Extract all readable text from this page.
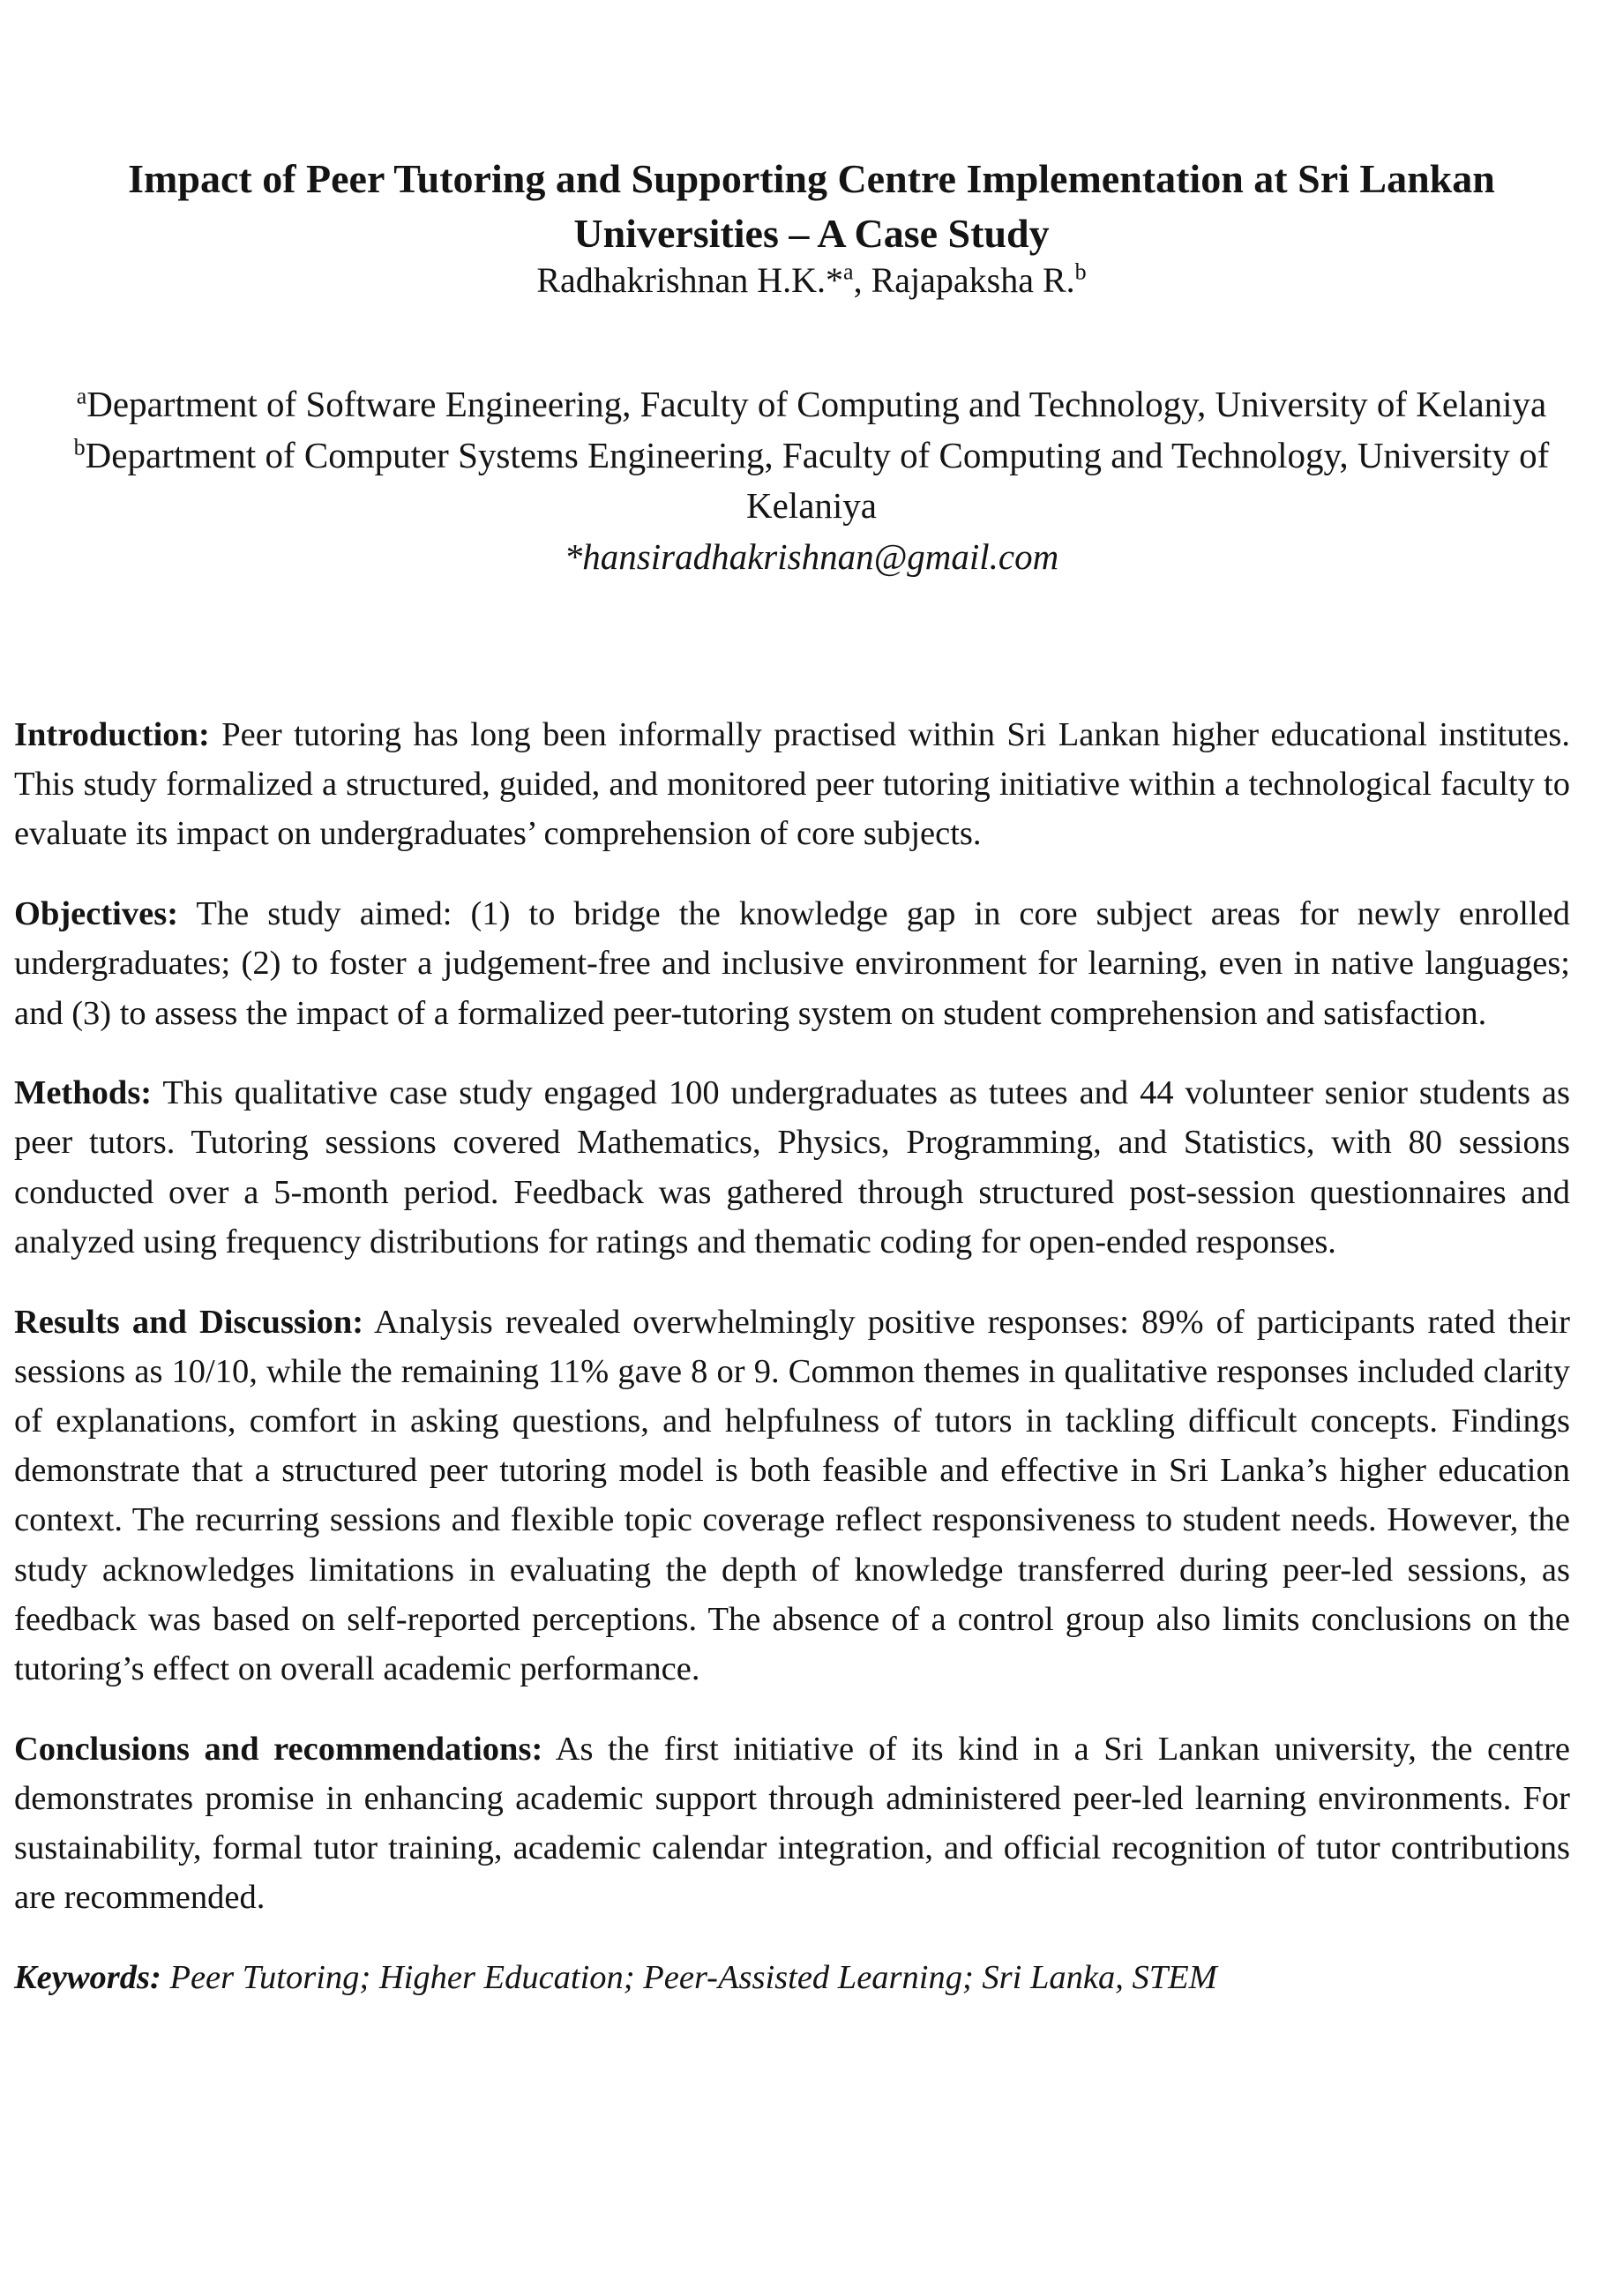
Impact of Peer Tutoring and Supporting Centre Implementation at Sri Lankan Universities – A Case Study

Radhakrishnan H.K.*$^a$, Rajapaksha R.$^b$

$^a$Department of Software Engineering, Faculty of Computing and Technology, University of Kelaniya

$^b$Department of Computer Systems Engineering, Faculty of Computing and Technology, University of Kelaniya

*hansiradhakrishnan@gmail.com

Introduction: Peer tutoring has long been informally practised within Sri Lankan higher educational institutes. This study formalized a structured, guided, and monitored peer tutoring initiative within a technological faculty to evaluate its impact on undergraduates’ comprehension of core subjects.

Objectives: The study aimed: (1) to bridge the knowledge gap in core subject areas for newly enrolled undergraduates; (2) to foster a judgement-free and inclusive environment for learning, even in native languages; and (3) to assess the impact of a formalized peer-tutoring system on student comprehension and satisfaction.

Methods: This qualitative case study engaged 100 undergraduates as tutees and 44 volunteer senior students as peer tutors. Tutoring sessions covered Mathematics, Physics, Programming, and Statistics, with 80 sessions conducted over a 5-month period. Feedback was gathered through structured post-session questionnaires and analyzed using frequency distributions for ratings and thematic coding for open-ended responses.

Results and Discussion: Analysis revealed overwhelmingly positive responses: 89% of participants rated their sessions as 10/10, while the remaining 11% gave 8 or 9. Common themes in qualitative responses included clarity of explanations, comfort in asking questions, and helpfulness of tutors in tackling difficult concepts. Findings demonstrate that a structured peer tutoring model is both feasible and effective in Sri Lanka’s higher education context. The recurring sessions and flexible topic coverage reflect responsiveness to student needs. However, the study acknowledges limitations in evaluating the depth of knowledge transferred during peer-led sessions, as feedback was based on self-reported perceptions. The absence of a control group also limits conclusions on the tutoring’s effect on overall academic performance.

Conclusions and recommendations: As the first initiative of its kind in a Sri Lankan university, the centre demonstrates promise in enhancing academic support through administered peer-led learning environments. For sustainability, formal tutor training, academic calendar integration, and official recognition of tutor contributions are recommended.

Keywords: Peer Tutoring; Higher Education; Peer-Assisted Learning; Sri Lanka, STEM
